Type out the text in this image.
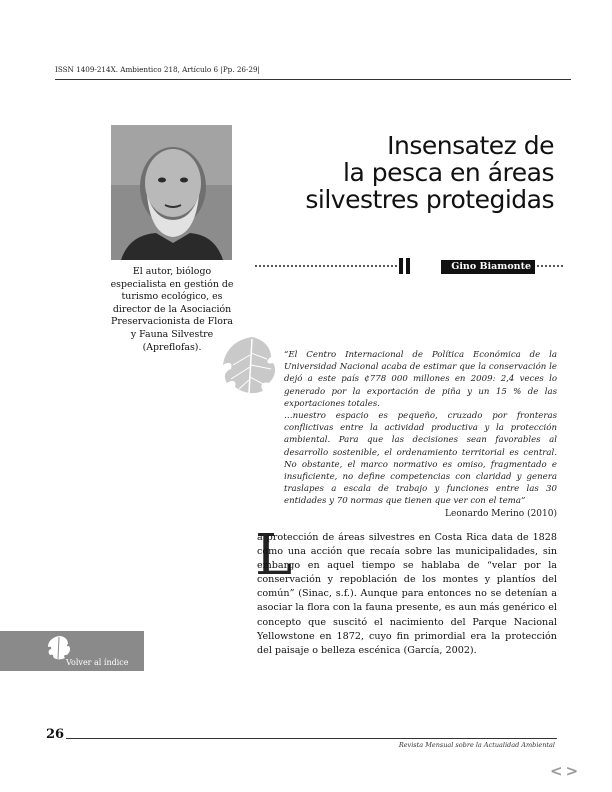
ISSN 1409-214X. Ambientico 218, Artículo 6 |Pp. 26-29|
El autor, biólogo especialista en gestión de turismo ecológico, es director de la Asociación Preservacionista de Flora y Fauna Silvestre (Apreflofas).
Insensatez de
la pesca en áreas
silvestres protegidas
Gino Biamonte

“El Centro Internacional de Política Económica de la Universidad Nacional acaba de estimar que la conservación le dejó a este país ¢778 000 millones en 2009: 2,4 veces lo generado por la exportación de piña y un 15 % de las exportaciones totales.

…nuestro espacio es pequeño, cruzado por fronteras conflictivas entre la actividad productiva y la protección ambiental. Para que las decisiones sean favorables al desarrollo sostenible, el ordenamiento territorial es central. No obstante, el marco normativo es omiso, fragmentado e insuficiente, no define competencias con claridad y genera traslapes a escala de trabajo y funciones entre las 30 entidades y 70 normas que tienen que ver con el tema”

Leonardo Merino (2010)
L
a protección de áreas silvestres en Costa Rica data de 1828 como una acción que recaía sobre las municipalidades, sin embargo en aquel tiempo se hablaba de “velar por la conservación y repoblación de los montes y plantíos del común” (Sinac, s.f.). Aunque para entonces no se detenían a asociar la flora con la fauna presente, es aun más genérico el concepto que suscitó el nacimiento del Parque Nacional Yellowstone en 1872, cuyo fin primordial era la protección del paisaje o belleza escénica (García, 2002).
Volver al índice
26
Revista Mensual sobre la Actualidad Ambiental
<>
